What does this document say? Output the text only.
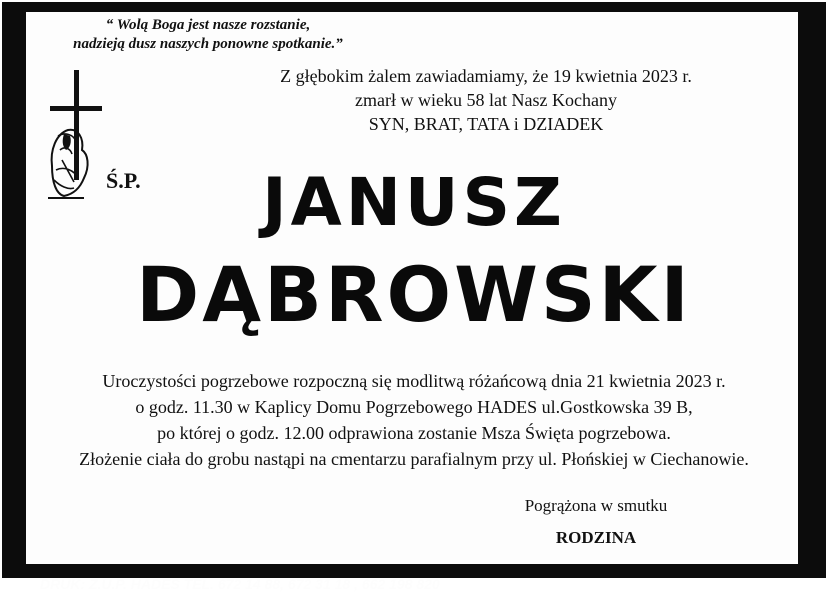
“ Wolą Boga jest nasze rozstanie,
nadzieją dusz naszych ponowne spotkanie.”
Z głębokim żalem zawiadamiamy, że 19 kwietnia 2023 r.
zmarł w wieku 58 lat Nasz Kochany
SYN, BRAT, TATA i DZIADEK
Ś.P.	JANUSZ
DĄBROWSKI
Uroczystości pogrzebowe rozpoczną się modlitwą różańcową dnia 21 kwietnia 2023 r.
o godz. 11.30 w Kaplicy Domu Pogrzebowego HADES ul.Gostkowska 39 B,
po której o godz. 12.00 odprawiona zostanie Msza Święta pogrzebowa.
Złożenie ciała do grobu nastąpi na cmentarzu parafialnym przy ul. Płońskiej w Ciechanowie.
Pogrążona w smutku
RODZINA
DRUK: Z.U.P. HADES TEL. 672 14 88, 672 31 18 , 662 198 820
